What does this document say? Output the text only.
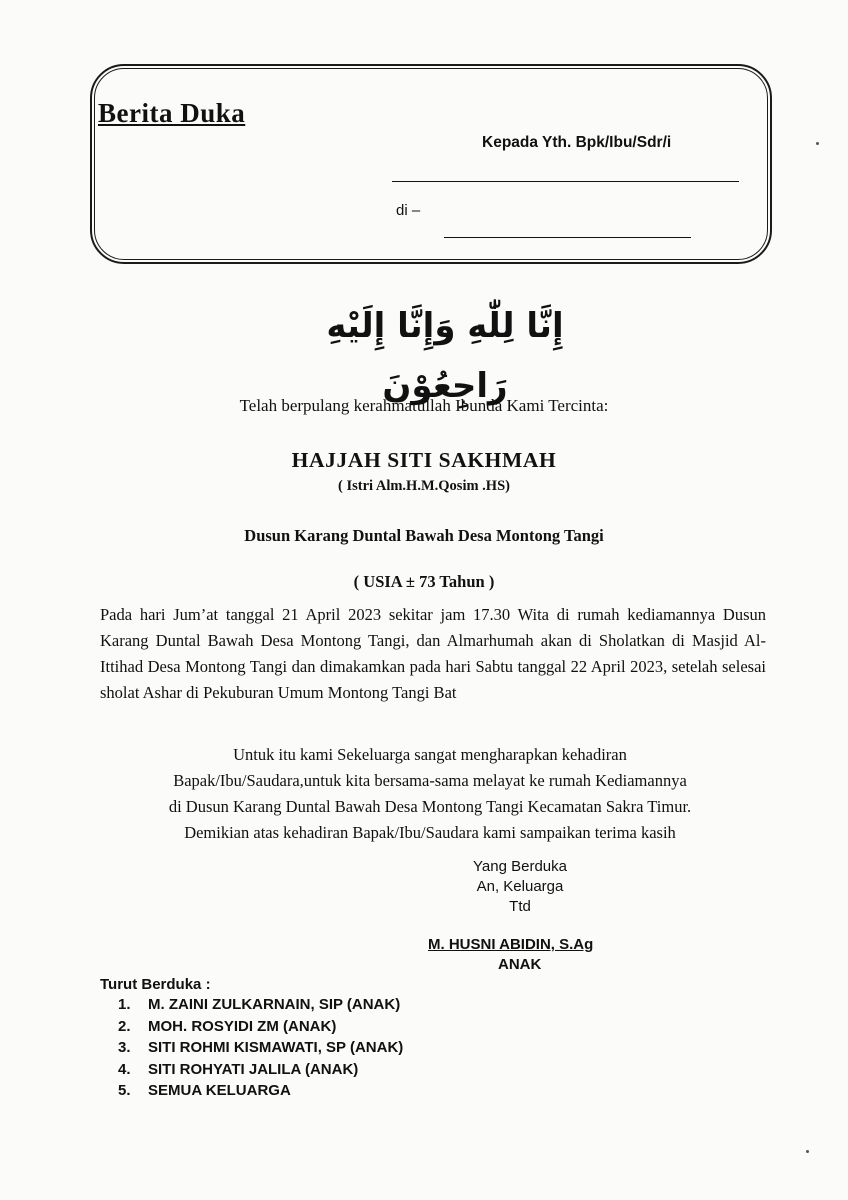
Berita Duka
Kepada Yth. Bpk/Ibu/Sdr/i
di –
إِنَّا لِلّٰهِ وَإِنَّا إِلَيْهِ رَاجِعُوْنَ
Telah berpulang kerahmatullah Ibunda Kami Tercinta:
HAJJAH SITI SAKHMAH
( Istri Alm.H.M.Qosim .HS)
Dusun Karang Duntal Bawah Desa Montong Tangi
( USIA ± 73 Tahun )
Pada hari Jum’at tanggal 21 April 2023 sekitar jam 17.30 Wita di rumah kediamannya Dusun Karang Duntal Bawah Desa Montong Tangi, dan Almarhumah akan di Sholatkan di Masjid Al-Ittihad Desa Montong Tangi dan dimakamkan pada hari Sabtu tanggal 22 April 2023, setelah selesai sholat Ashar di Pekuburan Umum Montong Tangi Bat
Untuk itu kami Sekeluarga sangat mengharapkan kehadiran
Bapak/Ibu/Saudara,untuk kita bersama-sama melayat ke rumah Kediamannya
di Dusun Karang Duntal Bawah Desa Montong Tangi Kecamatan Sakra Timur.
Demikian atas kehadiran Bapak/Ibu/Saudara kami sampaikan terima kasih
Yang Berduka
An, Keluarga
Ttd
M. HUSNI ABIDIN, S.Ag
ANAK
Turut Berduka :
1. M. ZAINI ZULKARNAIN, SIP (ANAK)
2. MOH. ROSYIDI ZM (ANAK)
3. SITI ROHMI KISMAWATI, SP (ANAK)
4. SITI ROHYATI JALILA (ANAK)
5. SEMUA KELUARGA
